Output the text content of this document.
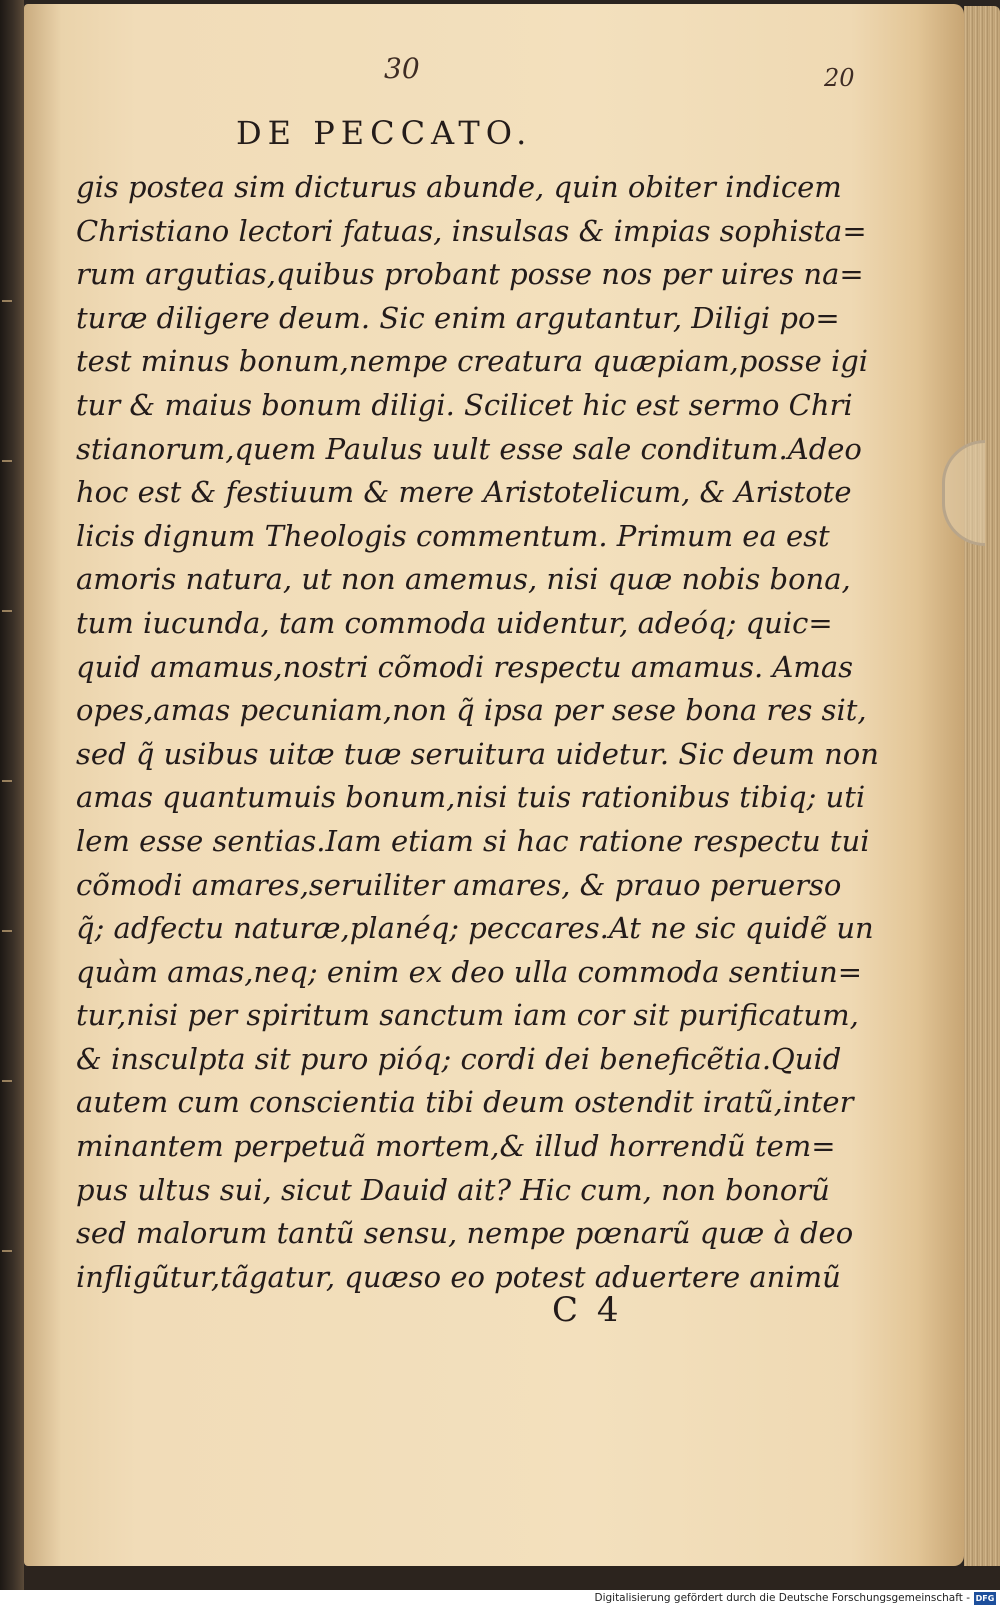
30	20
DE PECCATO.
gis postea sim dicturus abunde, quin obiter indicem
Christiano lectori fatuas, insulsas & impias sophista=
rum argutias,quibus probant posse nos per uires na=
turæ diligere deum. Sic enim argutantur, Diligi po=
test minus bonum,nempe creatura quæpiam,posse igi
tur & maius bonum diligi. Scilicet hic est sermo Chri
stianorum,quem Paulus uult esse sale conditum.Adeo
hoc est & festiuum & mere Aristotelicum, & Aristote
licis dignum Theologis commentum. Primum ea est
amoris natura, ut non amemus, nisi quæ nobis bona,
tum iucunda, tam commoda uidentur, adeóq; quic=
quid amamus,nostri cõmodi respectu amamus. Amas
opes,amas pecuniam,non q̃ ipsa per sese bona res sit,
sed q̃ usibus uitæ tuæ seruitura uidetur. Sic deum non
amas quantumuis bonum,nisi tuis rationibus tibiq; uti
lem esse sentias.Iam etiam si hac ratione respectu tui
cõmodi amares,seruiliter amares, & prauo peruerso
q̃; adfectu naturæ,planéq; peccares.At ne sic quidẽ un
quàm amas,neq; enim ex deo ulla commoda sentiun=
tur,nisi per spiritum sanctum iam cor sit purificatum,
& insculpta sit puro pióq; cordi dei beneficẽtia.Quid
autem cum conscientia tibi deum ostendit iratũ,inter
minantem perpetuã mortem,& illud horrendũ tem=
pus ultus sui, sicut Dauid ait? Hic cum, non bonorũ
sed malorum tantũ sensu, nempe pœnarũ quæ à deo
infligũtur,tãgatur, quæso eo potest aduertere animũ
C 4
Digitalisierung gefördert durch die Deutsche Forschungsgemeinschaft - DFG
